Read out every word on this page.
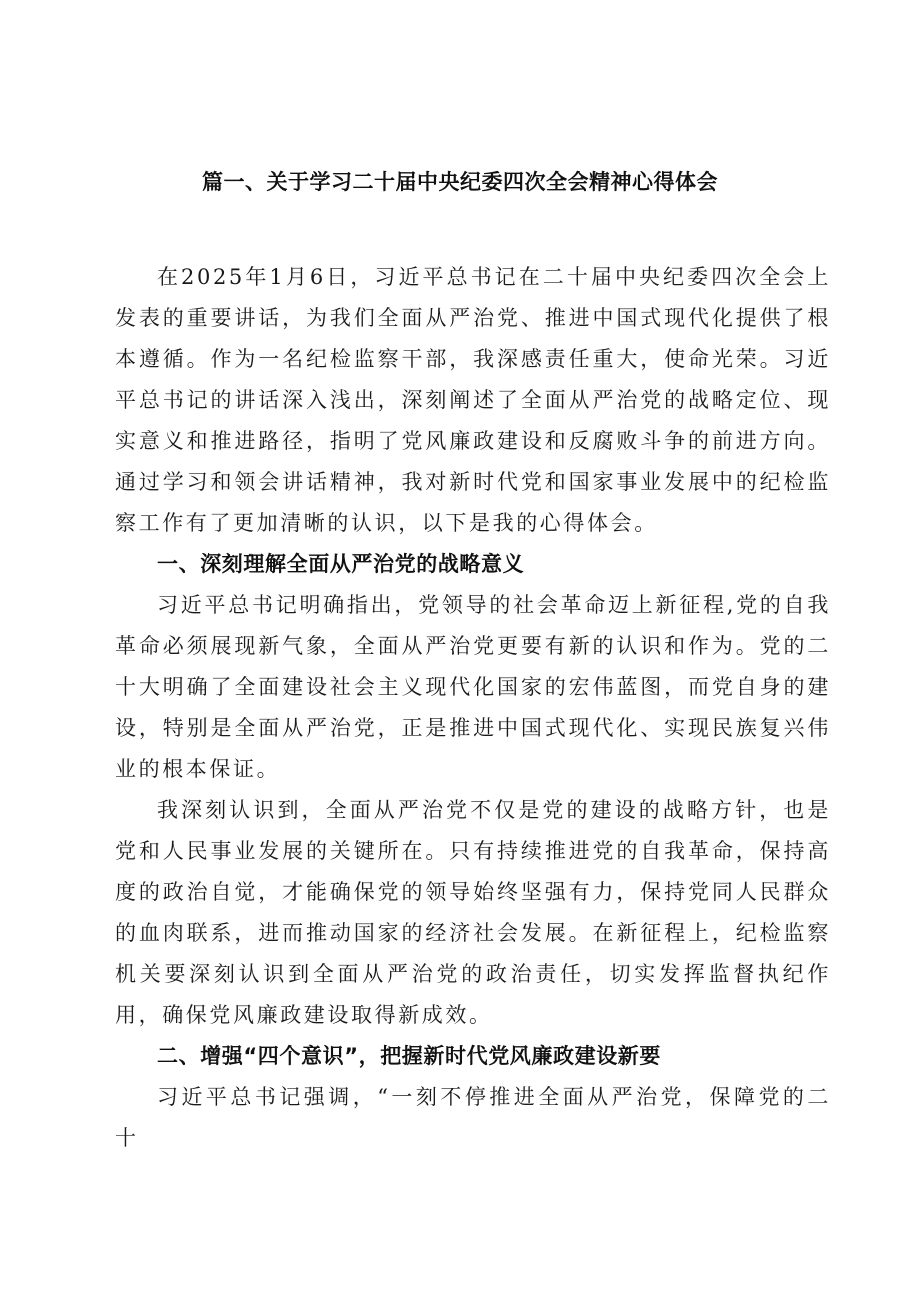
篇一、关于学习二十届中央纪委四次全会精神心得体会

在2025年1月6日，习近平总书记在二十届中央纪委四次全会上发表的重要讲话，为我们全面从严治党、推进中国式现代化提供了根本遵循。作为一名纪检监察干部，我深感责任重大，使命光荣。习近平总书记的讲话深入浅出，深刻阐述了全面从严治党的战略定位、现实意义和推进路径，指明了党风廉政建设和反腐败斗争的前进方向。通过学习和领会讲话精神，我对新时代党和国家事业发展中的纪检监察工作有了更加清晰的认识，以下是我的心得体会。

一、深刻理解全面从严治党的战略意义

习近平总书记明确指出，党领导的社会革命迈上新征程,党的自我革命必须展现新气象，全面从严治党更要有新的认识和作为。党的二十大明确了全面建设社会主义现代化国家的宏伟蓝图，而党自身的建设，特别是全面从严治党，正是推进中国式现代化、实现民族复兴伟业的根本保证。

我深刻认识到，全面从严治党不仅是党的建设的战略方针，也是党和人民事业发展的关键所在。只有持续推进党的自我革命，保持高度的政治自觉，才能确保党的领导始终坚强有力，保持党同人民群众的血肉联系，进而推动国家的经济社会发展。在新征程上，纪检监察机关要深刻认识到全面从严治党的政治责任，切实发挥监督执纪作用，确保党风廉政建设取得新成效。

二、增强“四个意识”，把握新时代党风廉政建设新要

习近平总书记强调，“一刻不停推进全面从严治党，保障党的二十
